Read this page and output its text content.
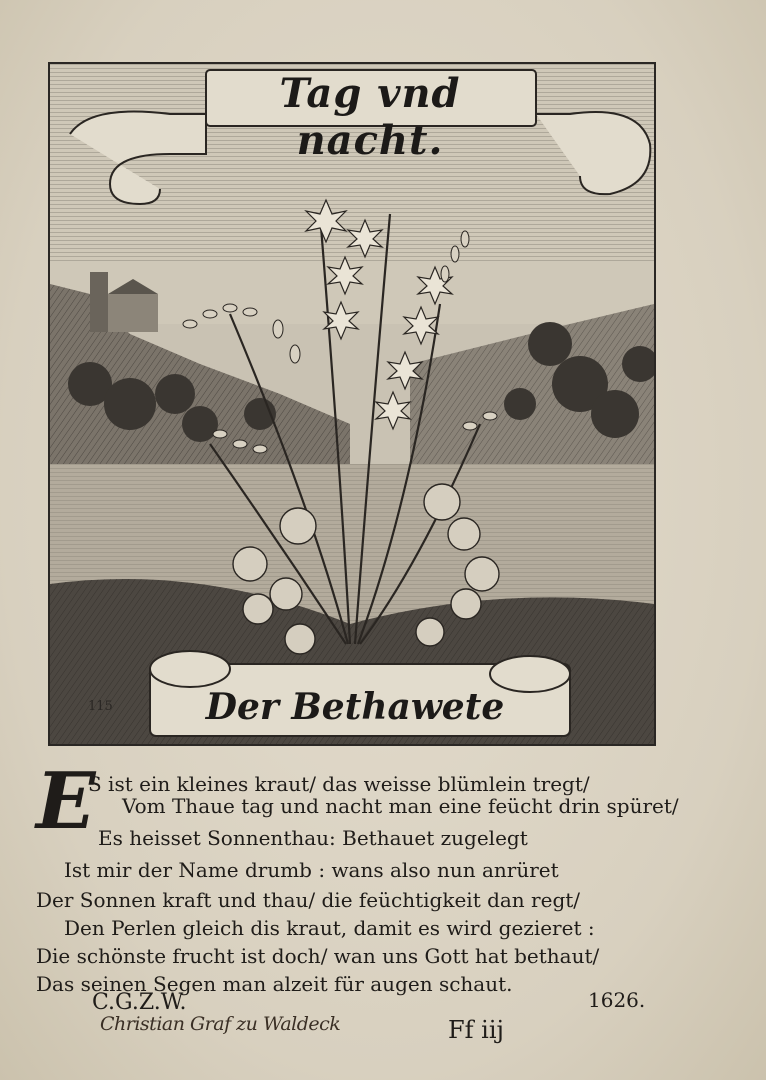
Tag vnd nacht.
Der Bethawete
115
E
S ist ein kleines kraut/ das weisse blümlein tregt/
Vom Thaue tag und nacht man eine feücht drin spüret/
Es heisset Sonnenthau: Bethauet zugelegt
Ist mir der Name drumb : wans also nun anrüret
Der Sonnen kraft und thau/ die feüchtigkeit dan regt/
Den Perlen gleich dis kraut, damit es wird gezieret :
Die schönste frucht ist doch/ wan uns Gott hat bethaut/
Das seinen Segen man alzeit für augen schaut.
C.G.Z.W.	1626.
Christian Graf zu Waldeck	Ff iij
